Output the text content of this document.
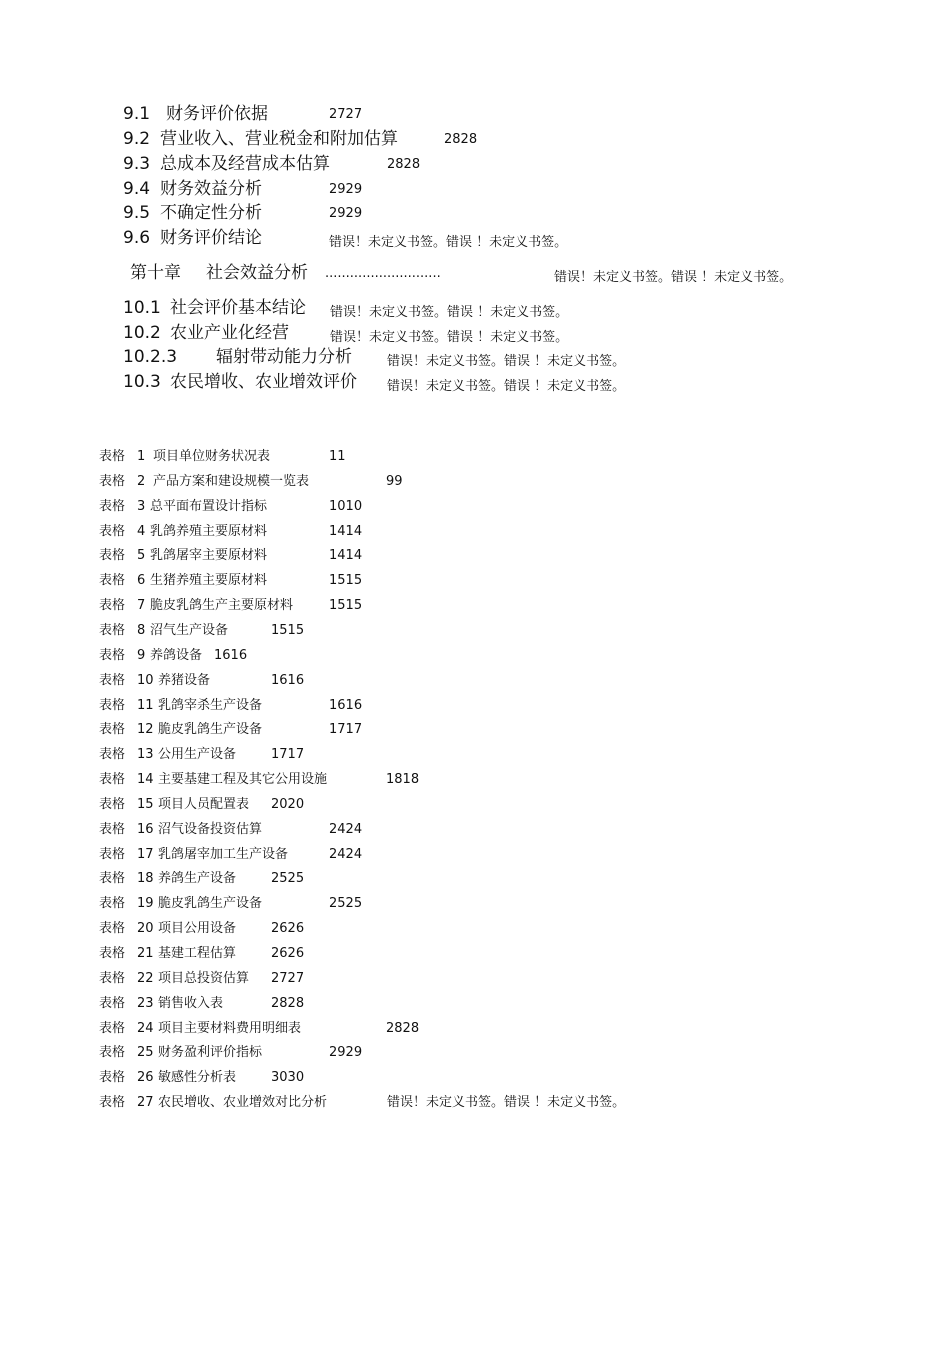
9.1 财务评价依据	2727
9.2 营业收入、营业税金和附加估算	2828
9.3 总成本及经营成本估算	2828
9.4 财务效益分析	2929
9.5 不确定性分析	2929
9.6 财务评价结论	错误！未定义书签。错误 ！未定义书签。
第十章 社会效益分析 ............................	错误！未定义书签。错误 ！未定义书签。
10.1 社会评价基本结论 错误！未定义书签。错误 ！未定义书签。
10.2 农业产业化经营	错误！未定义书签。错误 ！未定义书签。
10.2.3 辐射带动能力分析	错误！未定义书签。错误 ！未定义书签。
10.3 农民增收、农业增效评价 错误！未定义书签。错误 ！未定义书签。
表格 1 项目单位财务状况表	11
表格 2 产品方案和建设规模一览表	99
表格 3 总平面布置设计指标	1010
表格 4 乳鸽养殖主要原材料	1414
表格 5 乳鸽屠宰主要原材料	1414
表格 6 生猪养殖主要原材料	1515
表格 7 脆皮乳鸽生产主要原材料	1515
表格 8 沼气生产设备	1515
表格 9 养鸽设备 1616
表格 10 养猪设备	1616
表格 11 乳鸽宰杀生产设备	1616
表格 12 脆皮乳鸽生产设备	1717
表格 13 公用生产设备	1717
表格 14 主要基建工程及其它公用设施	1818
表格 15 项目人员配置表 2020
表格 16 沼气设备投资估算	2424
表格 17 乳鸽屠宰加工生产设备	2424
表格 18 养鸽生产设备	2525
表格 19 脆皮乳鸽生产设备	2525
表格 20 项目公用设备	2626
表格 21 基建工程估算	2626
表格 22 项目总投资估算 2727
表格 23 销售收入表	2828
表格 24 项目主要材料费用明细表	2828
表格 25 财务盈利评价指标	2929
表格 26 敏感性分析表	3030
表格 27 农民增收、农业增效对比分析	错误！未定义书签。错误 ！未定义书签。
